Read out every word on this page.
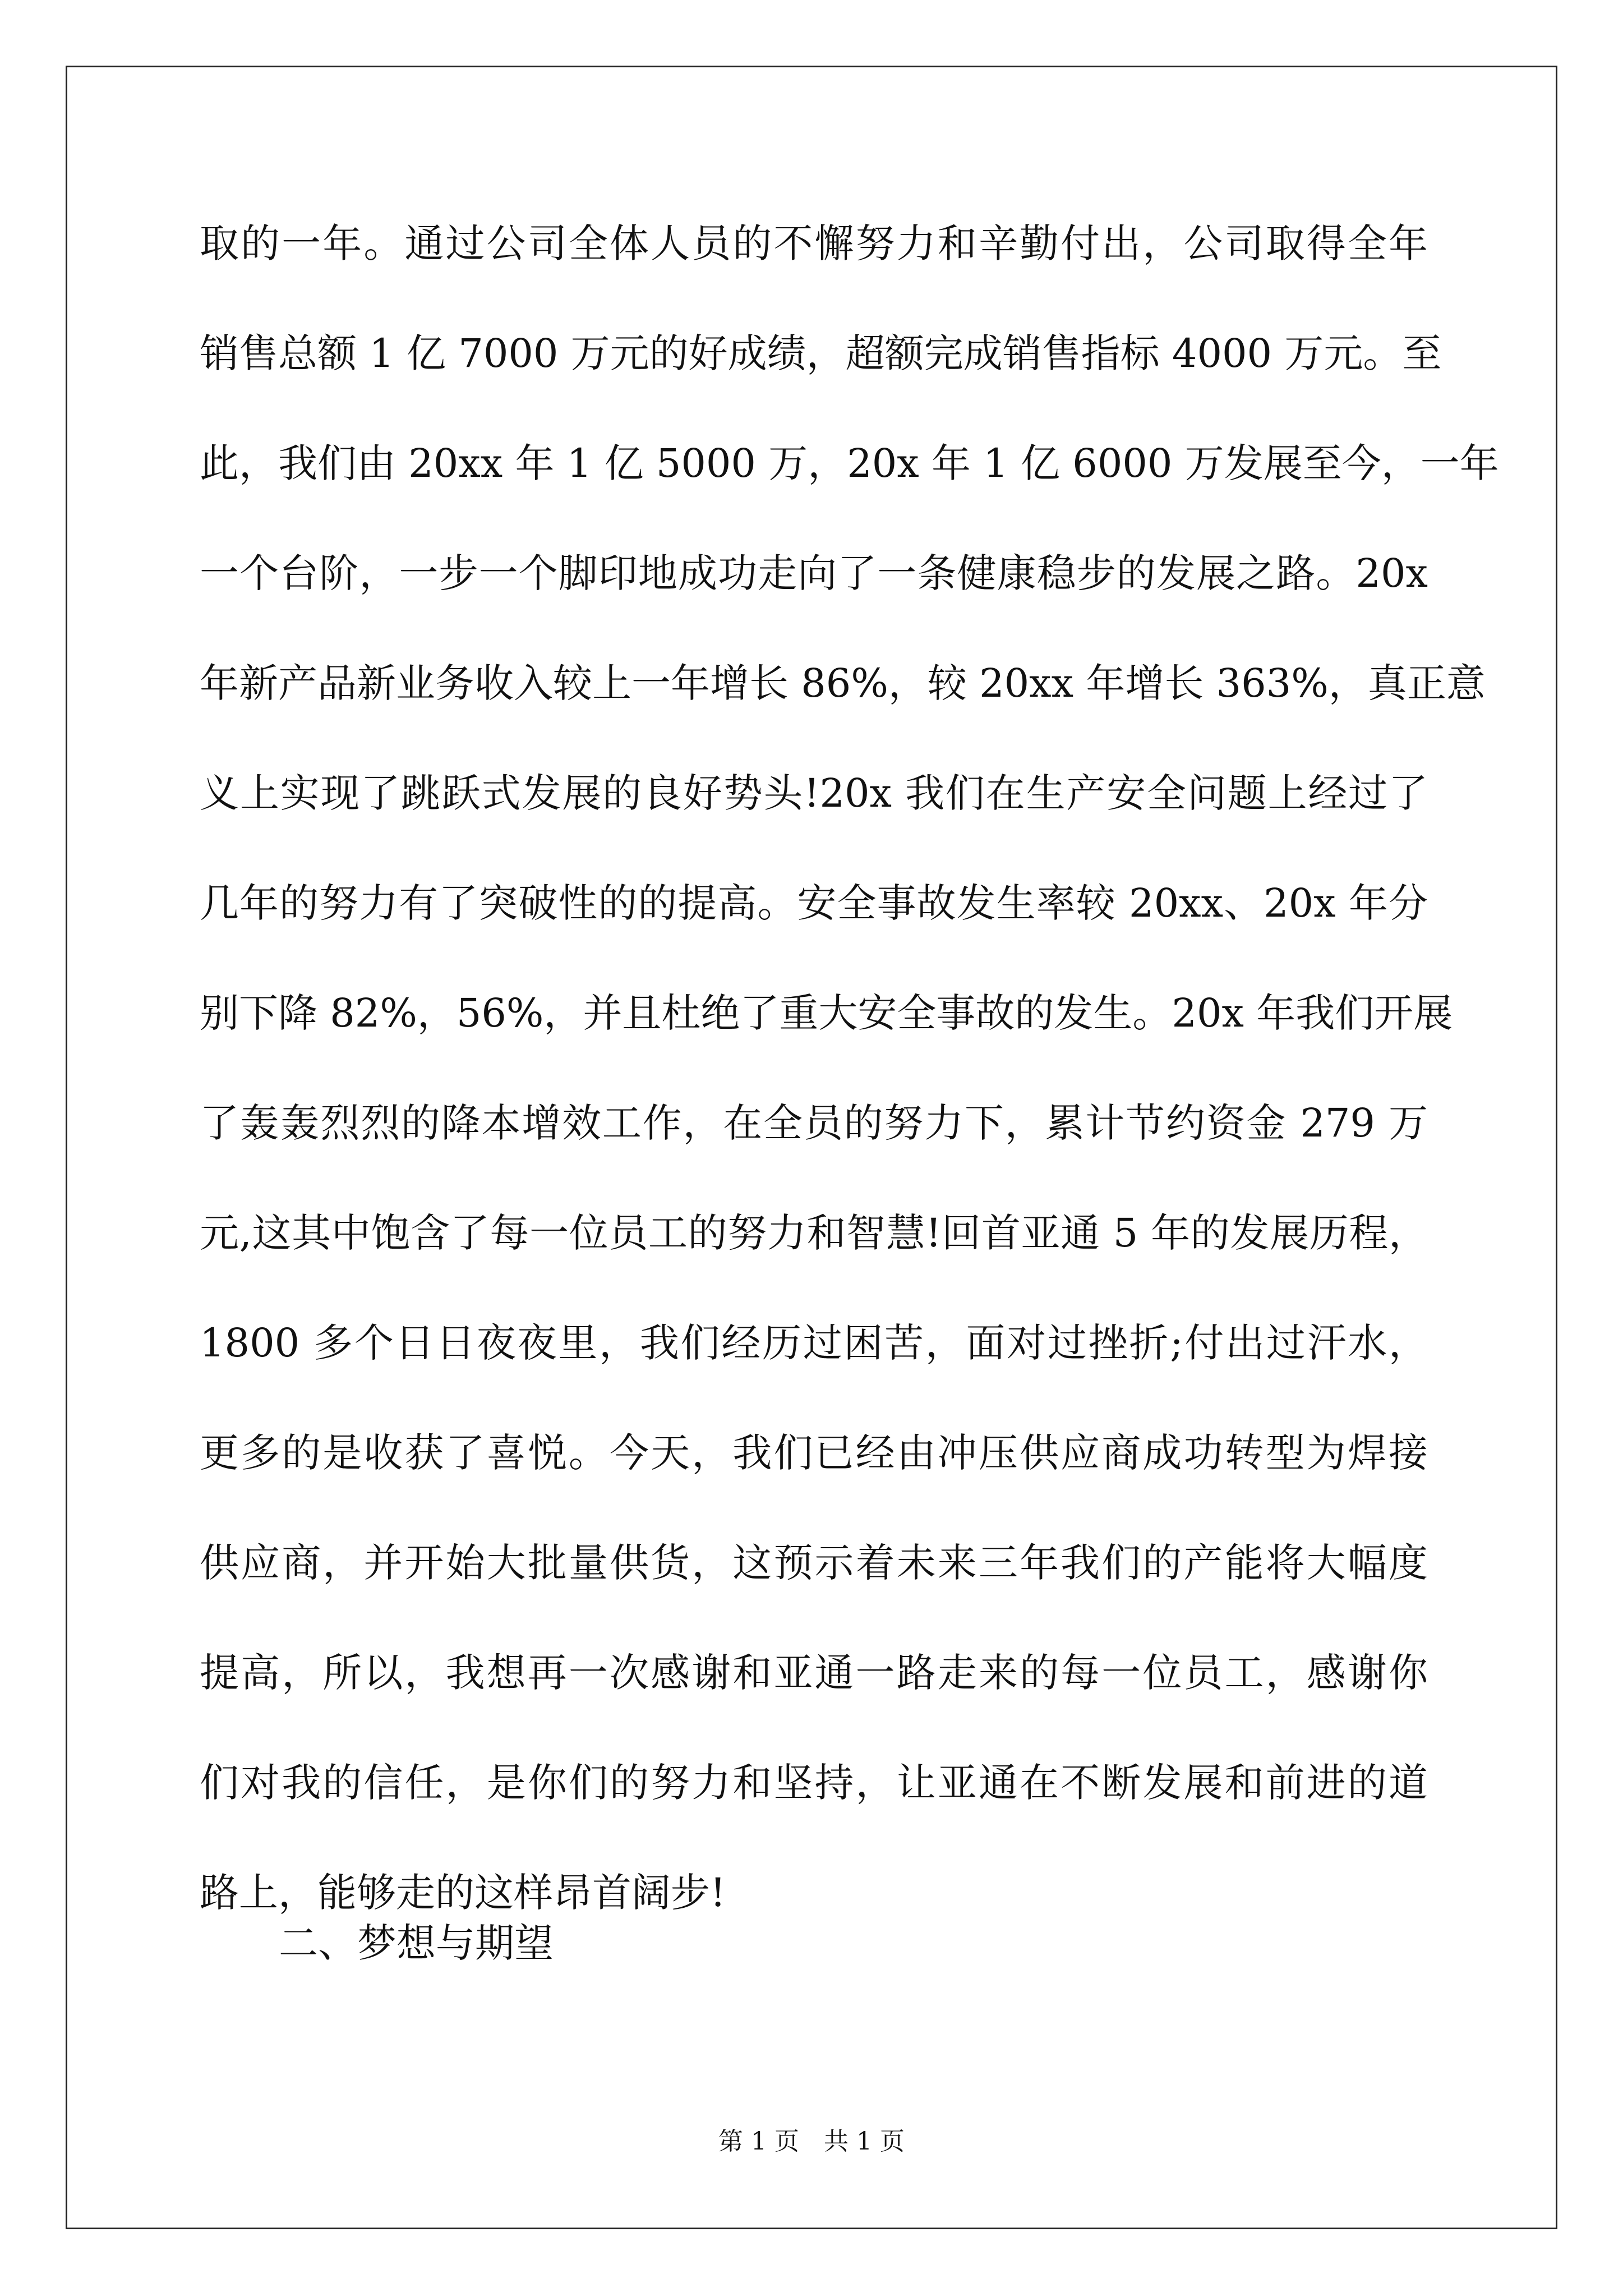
取的一年。通过公司全体人员的不懈努力和辛勤付出，公司取得全年
销售总额 1 亿 7000 万元的好成绩，超额完成销售指标 4000 万元。至
此，我们由 20xx 年 1 亿 5000 万，20x 年 1 亿 6000 万发展至今，一年
一个台阶，一步一个脚印地成功走向了一条健康稳步的发展之路。20x
年新产品新业务收入较上一年增长 86%，较 20xx 年增长 363%，真正意
义上实现了跳跃式发展的良好势头!20x 我们在生产安全问题上经过了
几年的努力有了突破性的的提高。安全事故发生率较 20xx、20x 年分
别下降 82%，56%，并且杜绝了重大安全事故的发生。20x 年我们开展
了轰轰烈烈的降本增效工作，在全员的努力下，累计节约资金 279 万
元,这其中饱含了每一位员工的努力和智慧!回首亚通 5 年的发展历程，
1800 多个日日夜夜里，我们经历过困苦，面对过挫折;付出过汗水，
更多的是收获了喜悦。今天，我们已经由冲压供应商成功转型为焊接
供应商，并开始大批量供货，这预示着未来三年我们的产能将大幅度
提高，所以，我想再一次感谢和亚通一路走来的每一位员工，感谢你
们对我的信任，是你们的努力和坚持，让亚通在不断发展和前进的道
路上，能够走的这样昂首阔步!
二、梦想与期望
第 1 页 共 1 页
